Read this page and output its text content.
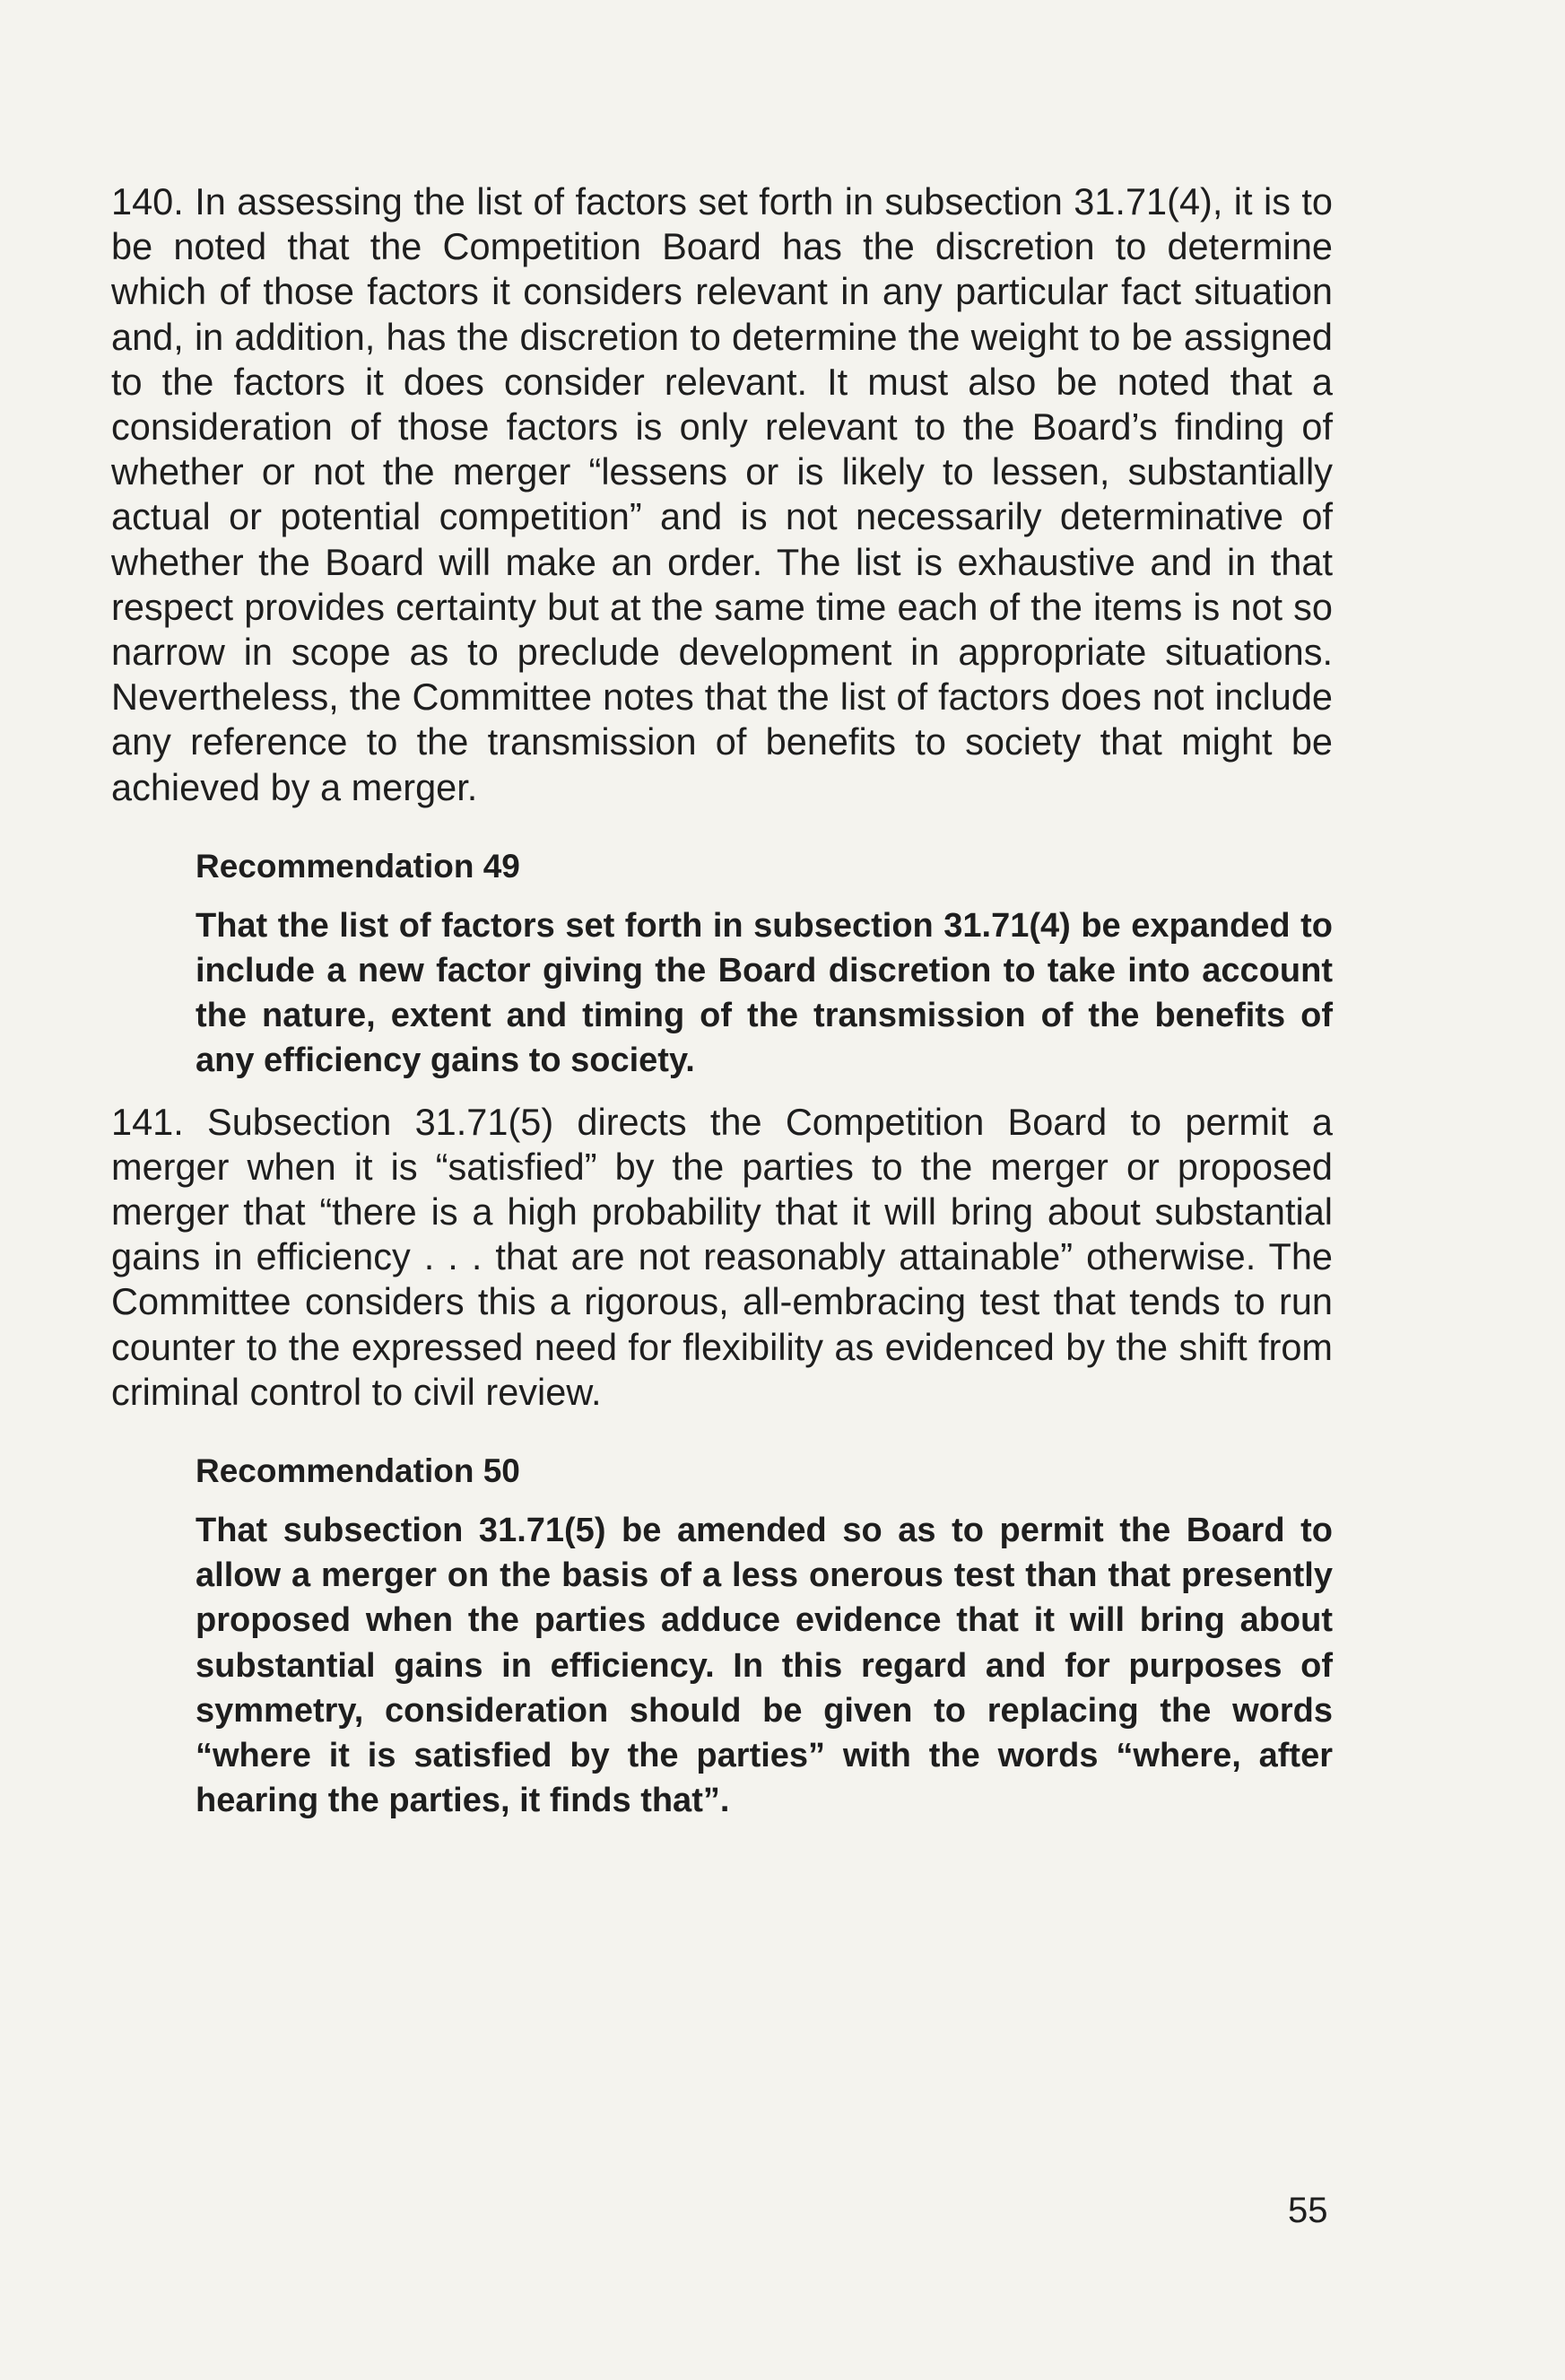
140. In assessing the list of factors set forth in subsection 31.71(4), it is to be noted that the Competition Board has the discretion to determine which of those factors it considers relevant in any particular fact situation and, in addition, has the discretion to determine the weight to be assigned to the factors it does consider relevant. It must also be noted that a consideration of those factors is only relevant to the Board’s finding of whether or not the merger “lessens or is likely to lessen, substantially actual or potential competition” and is not necessarily determinative of whether the Board will make an order. The list is exhaustive and in that respect provides certainty but at the same time each of the items is not so narrow in scope as to preclude development in appropriate situations. Nevertheless, the Committee notes that the list of factors does not include any reference to the transmission of benefits to society that might be achieved by a merger.

Recommendation 49

That the list of factors set forth in subsection 31.71(4) be expanded to include a new factor giving the Board discretion to take into account the nature, extent and timing of the transmission of the benefits of any efficiency gains to society.

141. Subsection 31.71(5) directs the Competition Board to permit a merger when it is “satisfied” by the parties to the merger or proposed merger that “there is a high probability that it will bring about substantial gains in efficiency . . . that are not reasonably attainable” otherwise. The Committee considers this a rigorous, all-embracing test that tends to run counter to the expressed need for flexibility as evidenced by the shift from criminal control to civil review.

Recommendation 50

That subsection 31.71(5) be amended so as to permit the Board to allow a merger on the basis of a less onerous test than that presently proposed when the parties adduce evidence that it will bring about substantial gains in efficiency. In this regard and for purposes of symmetry, consideration should be given to replacing the words “where it is satisfied by the parties” with the words “where, after hearing the parties, it finds that”.

55
